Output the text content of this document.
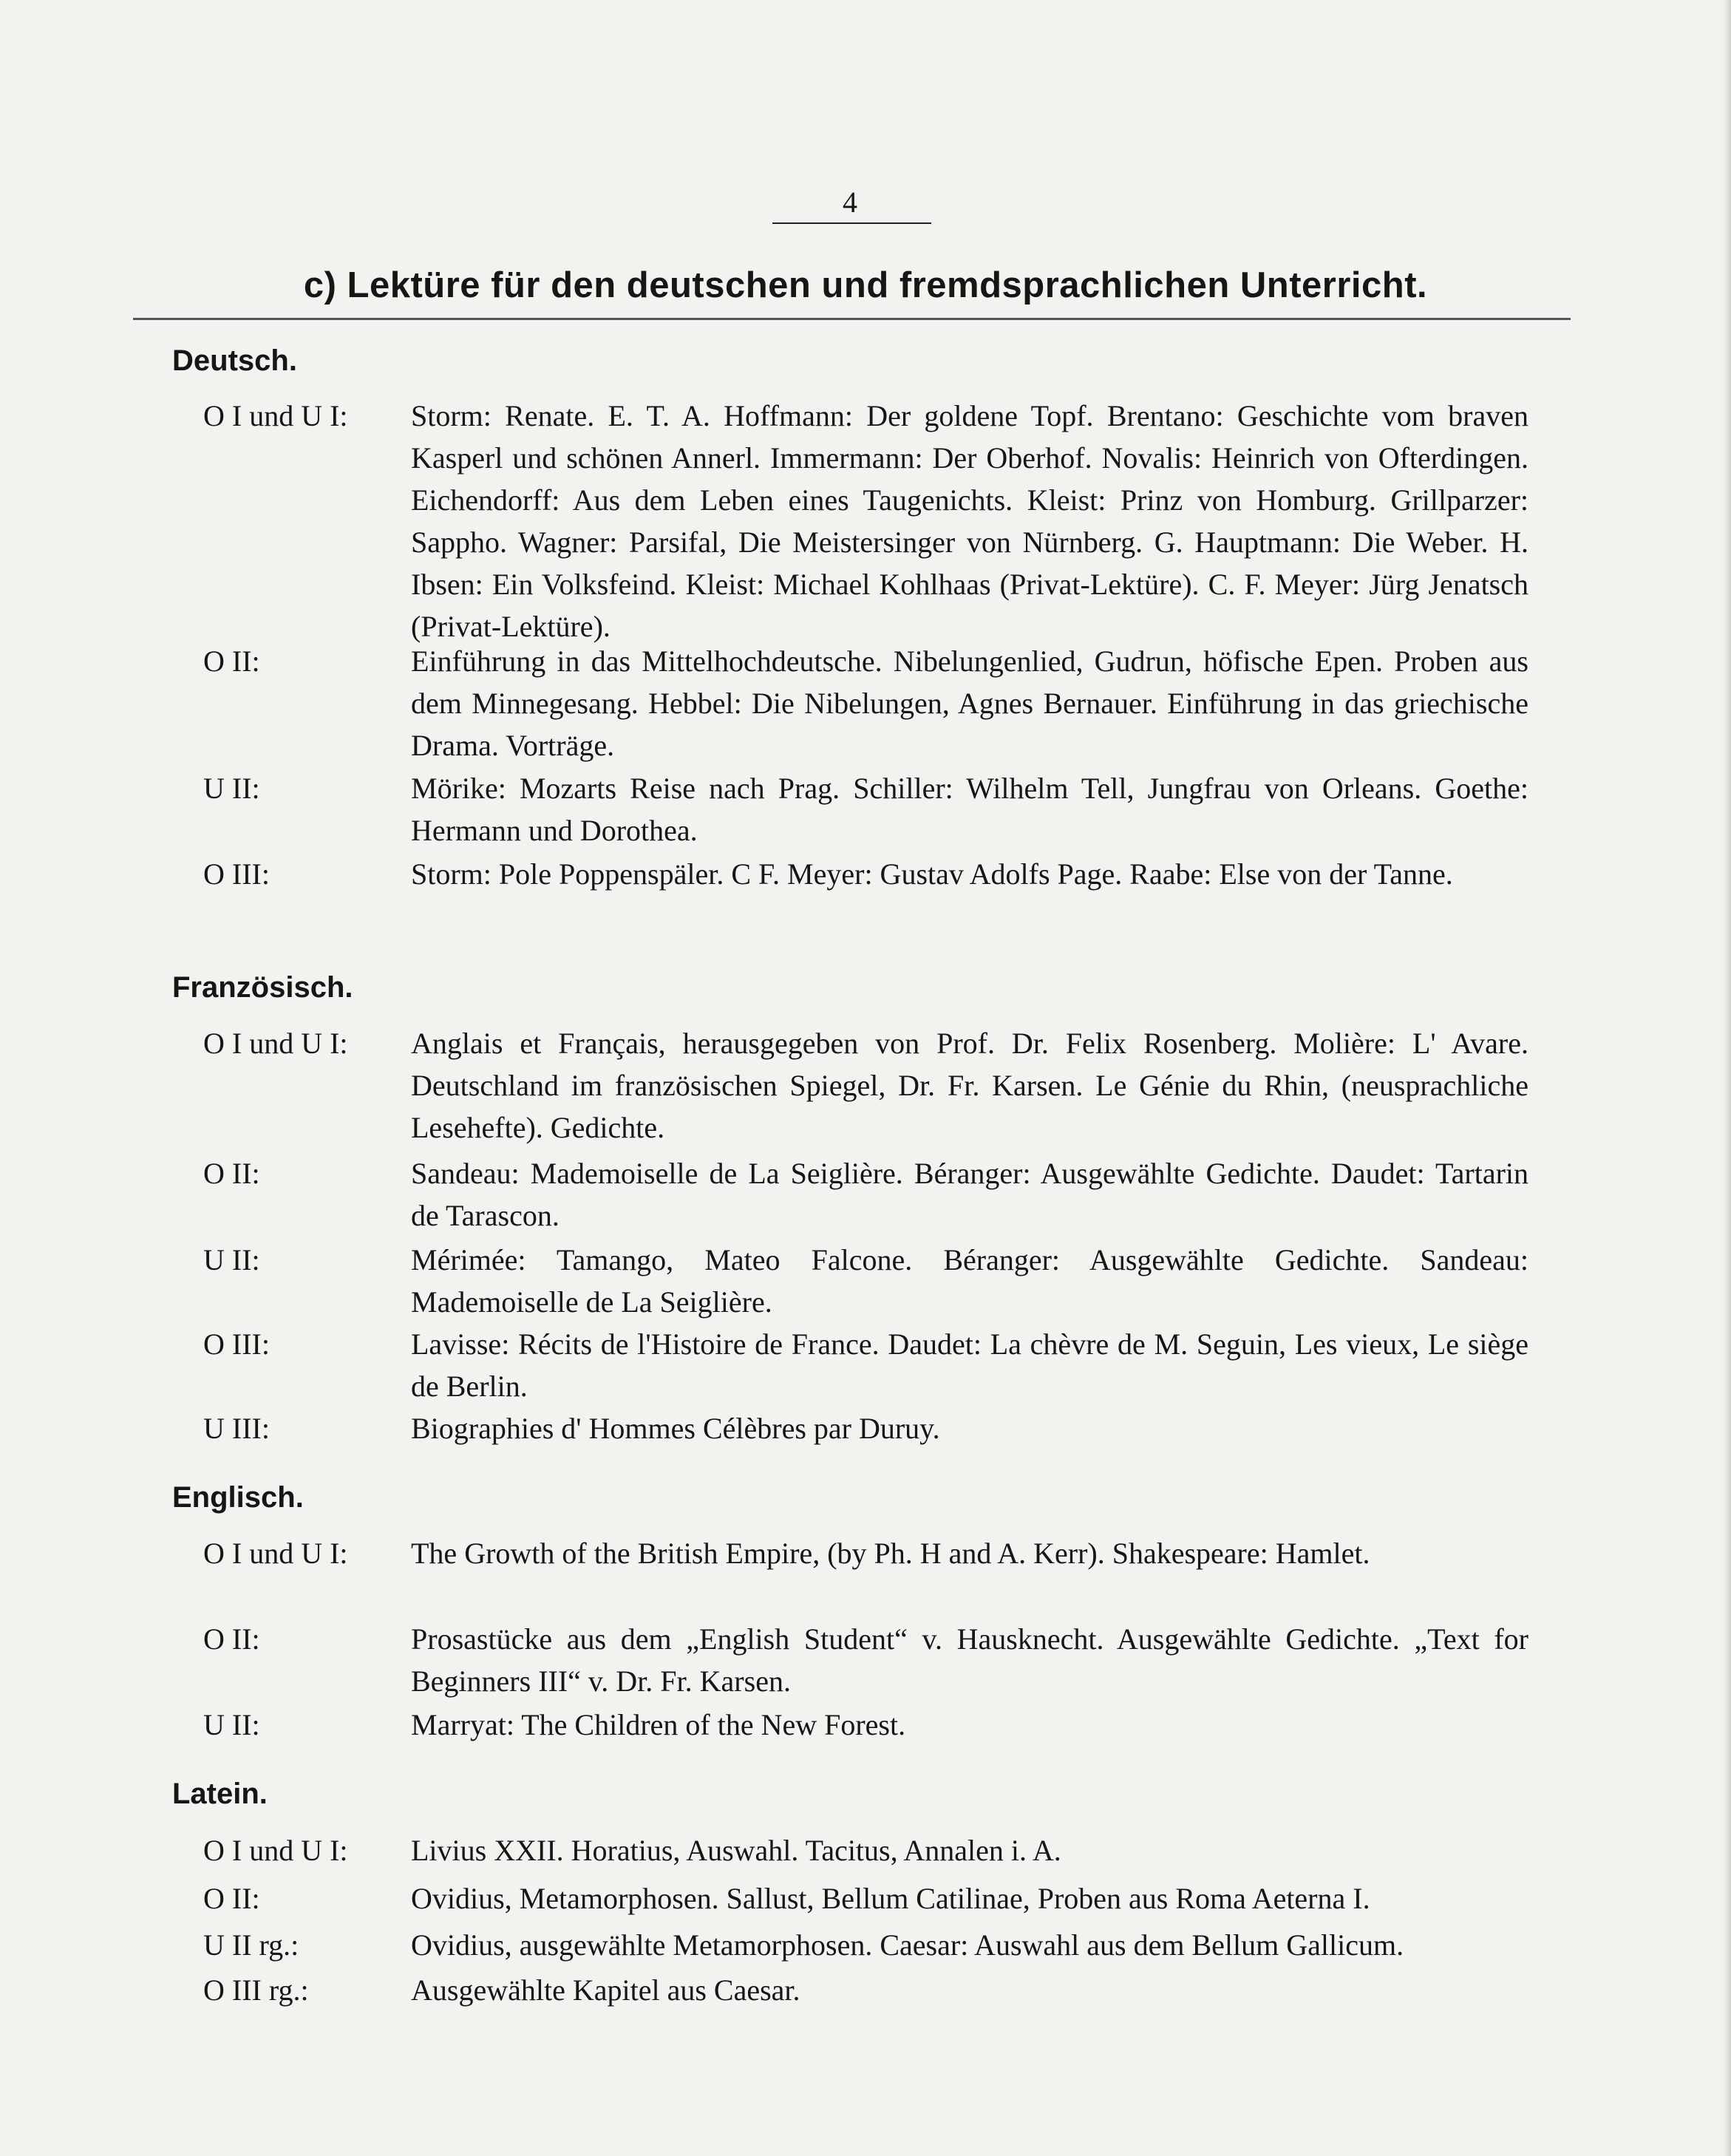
4
c) Lektüre für den deutschen und fremdsprachlichen Unterricht.
Deutsch.
O I und U I: Storm: Renate. E. T. A. Hoffmann: Der goldene Topf. Brentano: Geschichte vom braven Kasperl und schönen Annerl. Immermann: Der Oberhof. Novalis: Heinrich von Ofterdingen. Eichendorff: Aus dem Leben eines Taugenichts. Kleist: Prinz von Homburg. Grillparzer: Sappho. Wagner: Parsifal, Die Meistersinger von Nürnberg. G. Hauptmann: Die Weber. H. Ibsen: Ein Volksfeind. Kleist: Michael Kohlhaas (Privat-Lektüre). C. F. Meyer: Jürg Jenatsch (Privat-Lektüre).
O II:	Einführung in das Mittelhochdeutsche. Nibelungenlied, Gudrun, höfische Epen. Proben aus dem Minnegesang. Hebbel: Die Nibelungen, Agnes Bernauer. Einführung in das griechische Drama. Vorträge.
U II:	Mörike: Mozarts Reise nach Prag. Schiller: Wilhelm Tell, Jungfrau von Orleans. Goethe: Hermann und Dorothea.
O III:	Storm: Pole Poppenspäler. C F. Meyer: Gustav Adolfs Page. Raabe: Else von der Tanne.
Französisch.
O I und U I: Anglais et Français, herausgegeben von Prof. Dr. Felix Rosenberg. Molière: L' Avare. Deutschland im französischen Spiegel, Dr. Fr. Karsen. Le Génie du Rhin, (neusprachliche Lesehefte). Gedichte.
O II:	Sandeau: Mademoiselle de La Seiglière. Béranger: Ausgewählte Gedichte. Daudet: Tartarin de Tarascon.
U II:	Mérimée: Tamango, Mateo Falcone. Béranger: Ausgewählte Gedichte. Sandeau: Mademoiselle de La Seiglière.
O III:	Lavisse: Récits de l'Histoire de France. Daudet: La chèvre de M. Seguin, Les vieux, Le siège de Berlin.
U III:	Biographies d' Hommes Célèbres par Duruy.
Englisch.
O I und U I: The Growth of the British Empire, (by Ph. H and A. Kerr). Shakespeare: Hamlet.
O II:	Prosastücke aus dem „English Student“ v. Hausknecht. Ausgewählte Gedichte. „Text for Beginners III“ v. Dr. Fr. Karsen.
U II:	Marryat: The Children of the New Forest.
Latein.
O I und U I: Livius XXII. Horatius, Auswahl. Tacitus, Annalen i. A.
O II:	Ovidius, Metamorphosen. Sallust, Bellum Catilinae, Proben aus Roma Aeterna I.
U II rg.:	Ovidius, ausgewählte Metamorphosen. Caesar: Auswahl aus dem Bellum Gallicum.
O III rg.:	Ausgewählte Kapitel aus Caesar.
